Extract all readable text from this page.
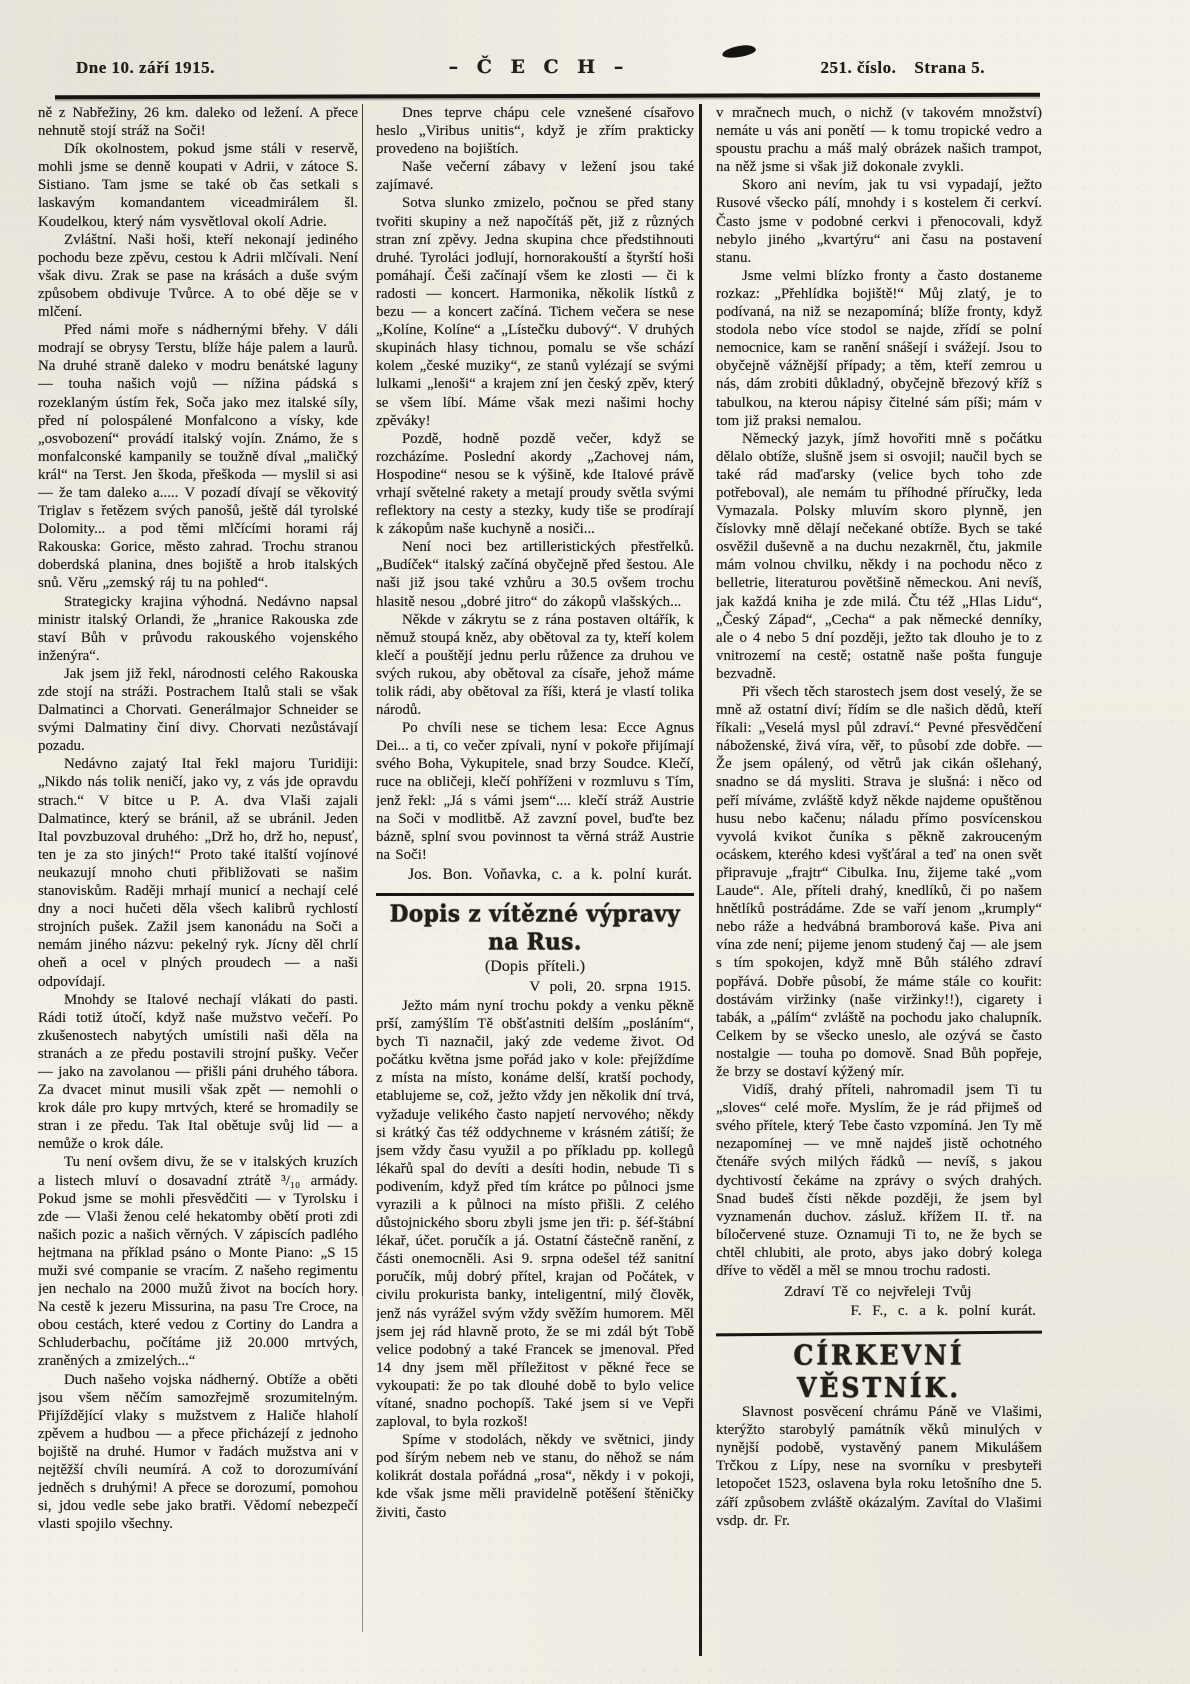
Dne 10. září 1915.	– Č E C H –	251. číslo. Strana 5.

ně z Nabřežiny, 26 km. daleko od ležení. A přece nehnutě stojí stráž na Soči!

Dík okolnostem, pokud jsme stáli v reservě, mohli jsme se denně koupati v Adrii, v zátoce S. Sistiano. Tam jsme se také ob čas setkali s laskavým komandantem viceadmirálem šl. Koudelkou, který nám vysvětloval okolí Adrie.

Zvláštní. Naši hoši, kteří nekonají jediného pochodu beze zpěvu, cestou k Adrii mlčívali. Není však divu. Zrak se pase na krásách a duše svým způsobem obdivuje Tvůrce. A to obé děje se v mlčení.

Před námi moře s nádhernými břehy. V dáli modrají se obrysy Terstu, blíže háje palem a laurů. Na druhé straně daleko v modru benátské laguny — touha našich vojů — nížina pádská s rozeklaným ústím řek, Soča jako mez italské síly, před ní polospálené Monfalcono a vísky, kde „osvobození“ provádí italský vojín. Známo, že s monfalconské kampanily se toužně díval „maličký král“ na Terst. Jen škoda, přeškoda — myslil si asi — že tam daleko a..... V pozadí dívají se věkovitý Triglav s řetězem svých panošů, ještě dál tyrolské Dolomity... a pod těmi mlčícími horami ráj Rakouska: Gorice, město zahrad. Trochu stranou doberdská planina, dnes bojiště a hrob italských snů. Věru „zemský ráj tu na pohled“.

Strategicky krajina výhodná. Nedávno napsal ministr italský Orlandi, že „hranice Rakouska zde staví Bůh v průvodu rakouského vojenského inženýra“.

Jak jsem již řekl, národnosti celého Rakouska zde stojí na stráži. Postrachem Italů stali se však Dalmatinci a Chorvati. Generálmajor Schneider se svými Dalmatiny činí divy. Chorvati nezůstávají pozadu.

Nedávno zajatý Ital řekl majoru Turidiji: „Nikdo nás tolik neničí, jako vy, z vás jde opravdu strach.“ V bitce u P. A. dva Vlaši zajali Dalmatince, který se bránil, až se ubránil. Jeden Ital povzbuzoval druhého: „Drž ho, drž ho, nepusť, ten je za sto jiných!“ Proto také italští vojínové neukazují mnoho chuti přibližovati se našim stanoviskům. Raději mrhají municí a nechají celé dny a noci hučeti děla všech kalibrů rychlostí strojních pušek. Zažil jsem kanonádu na Soči a nemám jiného názvu: pekelný ryk. Jícny děl chrlí oheň a ocel v plných proudech — a naši odpovídají.

Mnohdy se Italové nechají vlákati do pasti. Rádi totiž útočí, když naše mužstvo večeří. Po zkušenostech nabytých umístili naši děla na stranách a ze předu postavili strojní pušky. Večer — jako na zavolanou — přišli páni druhého tábora. Za dvacet minut musili však zpět — nemohli o krok dále pro kupy mrtvých, které se hromadily se stran i ze předu. Tak Ital obětuje svůj lid — a nemůže o krok dále.

Tu není ovšem divu, že se v italských kruzích a listech mluví o dosavadní ztrátě ³/₁₀ armády. Pokud jsme se mohli přesvědčiti — v Tyrolsku i zde — Vlaši ženou celé hekatomby obětí proti zdi našich pozic a našich věrných. V zápiscích padlého hejtmana na příklad psáno o Monte Piano: „S 15 muži své companie se vracím. Z našeho regimentu jen nechalo na 2000 mužů život na bocích hory. Na cestě k jezeru Missurina, na pasu Tre Croce, na obou cestách, které vedou z Cortiny do Landra a Schluderbachu, počítáme již 20.000 mrtvých, zraněných a zmizelých...“

Duch našeho vojska nádherný. Obtíže a oběti jsou všem něčím samozřejmě srozumitelným. Přijíždějící vlaky s mužstvem z Haliče hlaholí zpěvem a hudbou — a přece přicházejí z jednoho bojiště na druhé. Humor v řadách mužstva ani v nejtěžší chvíli neumírá. A což to dorozumívání jedněch s druhými! A přece se dorozumí, pomohou si, jdou vedle sebe jako bratři. Vědomí nebezpečí vlasti spojilo všechny.

Dnes teprve chápu cele vznešené císařovo heslo „Viribus unitis“, když je zřím prakticky provedeno na bojištích.

Naše večerní zábavy v ležení jsou také zajímavé.

Sotva slunko zmizelo, počnou se před stany tvořiti skupiny a než napočítáš pět, již z různých stran zní zpěvy. Jedna skupina chce předstihnouti druhé. Tyroláci jodlují, hornorakouští a štyrští hoši pomáhají. Češi začínají všem ke zlosti — či k radosti — koncert. Harmonika, několik lístků z bezu — a koncert začíná. Tichem večera se nese „Kolíne, Kolíne“ a „Lístečku dubový“. V druhých skupinách hlasy tichnou, pomalu se vše schází kolem „české muziky“, ze stanů vylézají se svými lulkami „lenoši“ a krajem zní jen český zpěv, který se všem líbí. Máme však mezi našimi hochy zpěváky!

Pozdě, hodně pozdě večer, když se rozcházíme. Poslední akordy „Zachovej nám, Hospodine“ nesou se k výšině, kde Italové právě vrhají světelné rakety a metají proudy světla svými reflektory na cesty a stezky, kudy tiše se prodírají k zákopům naše kuchyně a nosiči...

Není noci bez artilleristických přestřelků. „Budíček“ italský začíná obyčejně před šestou. Ale naši již jsou také vzhůru a 30.5 ovšem trochu hlasitě nesou „dobré jitro“ do zákopů vlašských...

Někde v zákrytu se z rána postaven oltářík, k němuž stoupá kněz, aby obětoval za ty, kteří kolem klečí a pouštějí jednu perlu růžence za druhou ve svých rukou, aby obětoval za císaře, jehož máme tolik rádi, aby obětoval za říši, která je vlastí tolika národů.

Po chvíli nese se tichem lesa: Ecce Agnus Dei... a ti, co večer zpívali, nyní v pokoře přijímají svého Boha, Vykupitele, snad brzy Soudce. Klečí, ruce na obličeji, klečí pohříženi v rozmluvu s Tím, jenž řekl: „Já s vámi jsem“.... klečí stráž Austrie na Soči v modlitbě. Až zavzní povel, buďte bez bázně, splní svou povinnost ta věrná stráž Austrie na Soči!

Jos. Bon. Voňavka, c. a k. polní kurát.

Dopis z vítězné výpravy na Rus.

(Dopis příteli.)

V poli, 20. srpna 1915.

Ježto mám nyní trochu pokdy a venku pěkně prší, zamýšlím Tě obšťastniti delším „posláním“, bych Ti naznačil, jaký zde vedeme život. Od počátku května jsme pořád jako v kole: přejíždíme z místa na místo, konáme delší, kratší pochody, etablujeme se, což, ježto vždy jen několik dní trvá, vyžaduje velikého často napjetí nervového; někdy si krátký čas též oddychneme v krásném zátiší; že jsem vždy času využil a po příkladu pp. kollegů lékařů spal do devíti a desíti hodin, nebude Ti s podivením, když před tím krátce po půlnoci jsme vyrazili a k půlnoci na místo přišli. Z celého důstojnického sboru zbyli jsme jen tři: p. šéf-štábní lékař, účet. poručík a já. Ostatní částečně ranění, z části onemocněli. Asi 9. srpna odešel též sanitní poručík, můj dobrý přítel, krajan od Počátek, v civilu prokurista banky, inteligentní, milý člověk, jenž nás vyrážel svým vždy svěžím humorem. Měl jsem jej rád hlavně proto, že se mi zdál být Tobě velice podobný a také Francek se jmenoval. Před 14 dny jsem měl příležitost v pěkné řece se vykoupati: že po tak dlouhé době to bylo velice vítané, snadno pochopíš. Také jsem si ve Vepři zaploval, to byla rozkoš!

Spíme v stodolách, někdy ve světnici, jindy pod šírým nebem neb ve stanu, do něhož se nám kolikrát dostala pořádná „rosa“, někdy i v pokoji, kde však jsme měli pravidelně potěšení štěničky živiti, často

v mračnech much, o nichž (v takovém množství) nemáte u vás ani ponětí — k tomu tropické vedro a spoustu prachu a máš malý obrázek našich trampot, na něž jsme si však již dokonale zvykli.

Skoro ani nevím, jak tu vsi vypadají, ježto Rusové všecko pálí, mnohdy i s kostelem či cerkví. Často jsme v podobné cerkvi i přenocovali, když nebylo jiného „kvartýru“ ani času na postavení stanu.

Jsme velmi blízko fronty a často dostaneme rozkaz: „Přehlídka bojiště!“ Můj zlatý, je to podívaná, na niž se nezapomíná; blíže fronty, když stodola nebo více stodol se najde, zřídí se polní nemocnice, kam se ranění snášejí i svážejí. Jsou to obyčejně vážnější případy; a těm, kteří zemrou u nás, dám zrobiti důkladný, obyčejně březový kříž s tabulkou, na kterou nápisy čitelné sám píši; mám v tom již praksi nemalou.

Německý jazyk, jímž hovořiti mně s počátku dělalo obtíže, slušně jsem si osvojil; naučil bych se také rád maďarsky (velice bych toho zde potřeboval), ale nemám tu příhodné příručky, leda Vymazala. Polsky mluvím skoro plynně, jen číslovky mně dělají nečekané obtíže. Bych se také osvěžil duševně a na duchu nezakrněl, čtu, jakmile mám volnou chvilku, někdy i na pochodu něco z belletrie, literaturou povětšině německou. Ani nevíš, jak každá kniha je zde milá. Čtu též „Hlas Lidu“, „Český Západ“, „Cecha“ a pak německé denníky, ale o 4 nebo 5 dní později, ježto tak dlouho je to z vnitrozemí na cestě; ostatně naše pošta funguje bezvadně.

Při všech těch starostech jsem dost veselý, že se mně až ostatní diví; řídím se dle našich dědů, kteří říkali: „Veselá mysl půl zdraví.“ Pevné přesvědčení náboženské, živá víra, věř, to působí zde dobře. — Že jsem opálený, od větrů jak cikán ošlehaný, snadno se dá mysliti. Strava je slušná: i něco od peří míváme, zvláště když někde najdeme opuštěnou husu nebo kačenu; náladu přímo posvícenskou vyvolá kvikot čuníka s pěkně zakrouceným ocáskem, kterého kdesi vyšťáral a teď na onen svět připravuje „frajtr“ Cibulka. Inu, žijeme také „vom Laude“. Ale, příteli drahý, knedlíků, či po našem hnětlíků postrádáme. Zde se vaří jenom „krumply“ nebo ráže a hedvábná bramborová kaše. Piva ani vína zde není; pijeme jenom studený čaj — ale jsem s tím spokojen, když mně Bůh stálého zdraví popřává. Dobře působí, že máme stále co kouřit: dostávám viržinky (naše viržinky!!), cigarety i tabák, a „pálím“ zvláště na pochodu jako chalupník. Celkem by se všecko uneslo, ale ozývá se často nostalgie — touha po domově. Snad Bůh popřeje, že brzy se dostaví kýžený mír.

Vidíš, drahý příteli, nahromadil jsem Ti tu „sloves“ celé moře. Myslím, že je rád přijmeš od svého přítele, který Tebe často vzpomíná. Jen Ty mě nezapomínej — ve mně najdeš jistě ochotného čtenáře svých milých řádků — nevíš, s jakou dychtivostí čekáme na zprávy o svých drahých. Snad budeš čísti někde později, že jsem byl vyznamenán duchov. zásluž. křížem II. tř. na bíločervené stuze. Oznamuji Ti to, ne že bych se chtěl chlubiti, ale proto, abys jako dobrý kolega dříve to věděl a měl se mnou trochu radosti.

Zdraví Tě co nejvřeleji Tvůj

F. F., c. a k. polní kurát.

CÍRKEVNÍ VĚSTNÍK.

Slavnost posvěcení chrámu Páně ve Vlašimi, kterýžto starobylý památník věků minulých v nynější podobě, vystavěný panem Mikulášem Trčkou z Lípy, nese na svorníku v presbyteři letopočet 1523, oslavena byla roku letošního dne 5. září způsobem zvláště okázalým. Zavítal do Vlašimi vsdp. dr. Fr.
